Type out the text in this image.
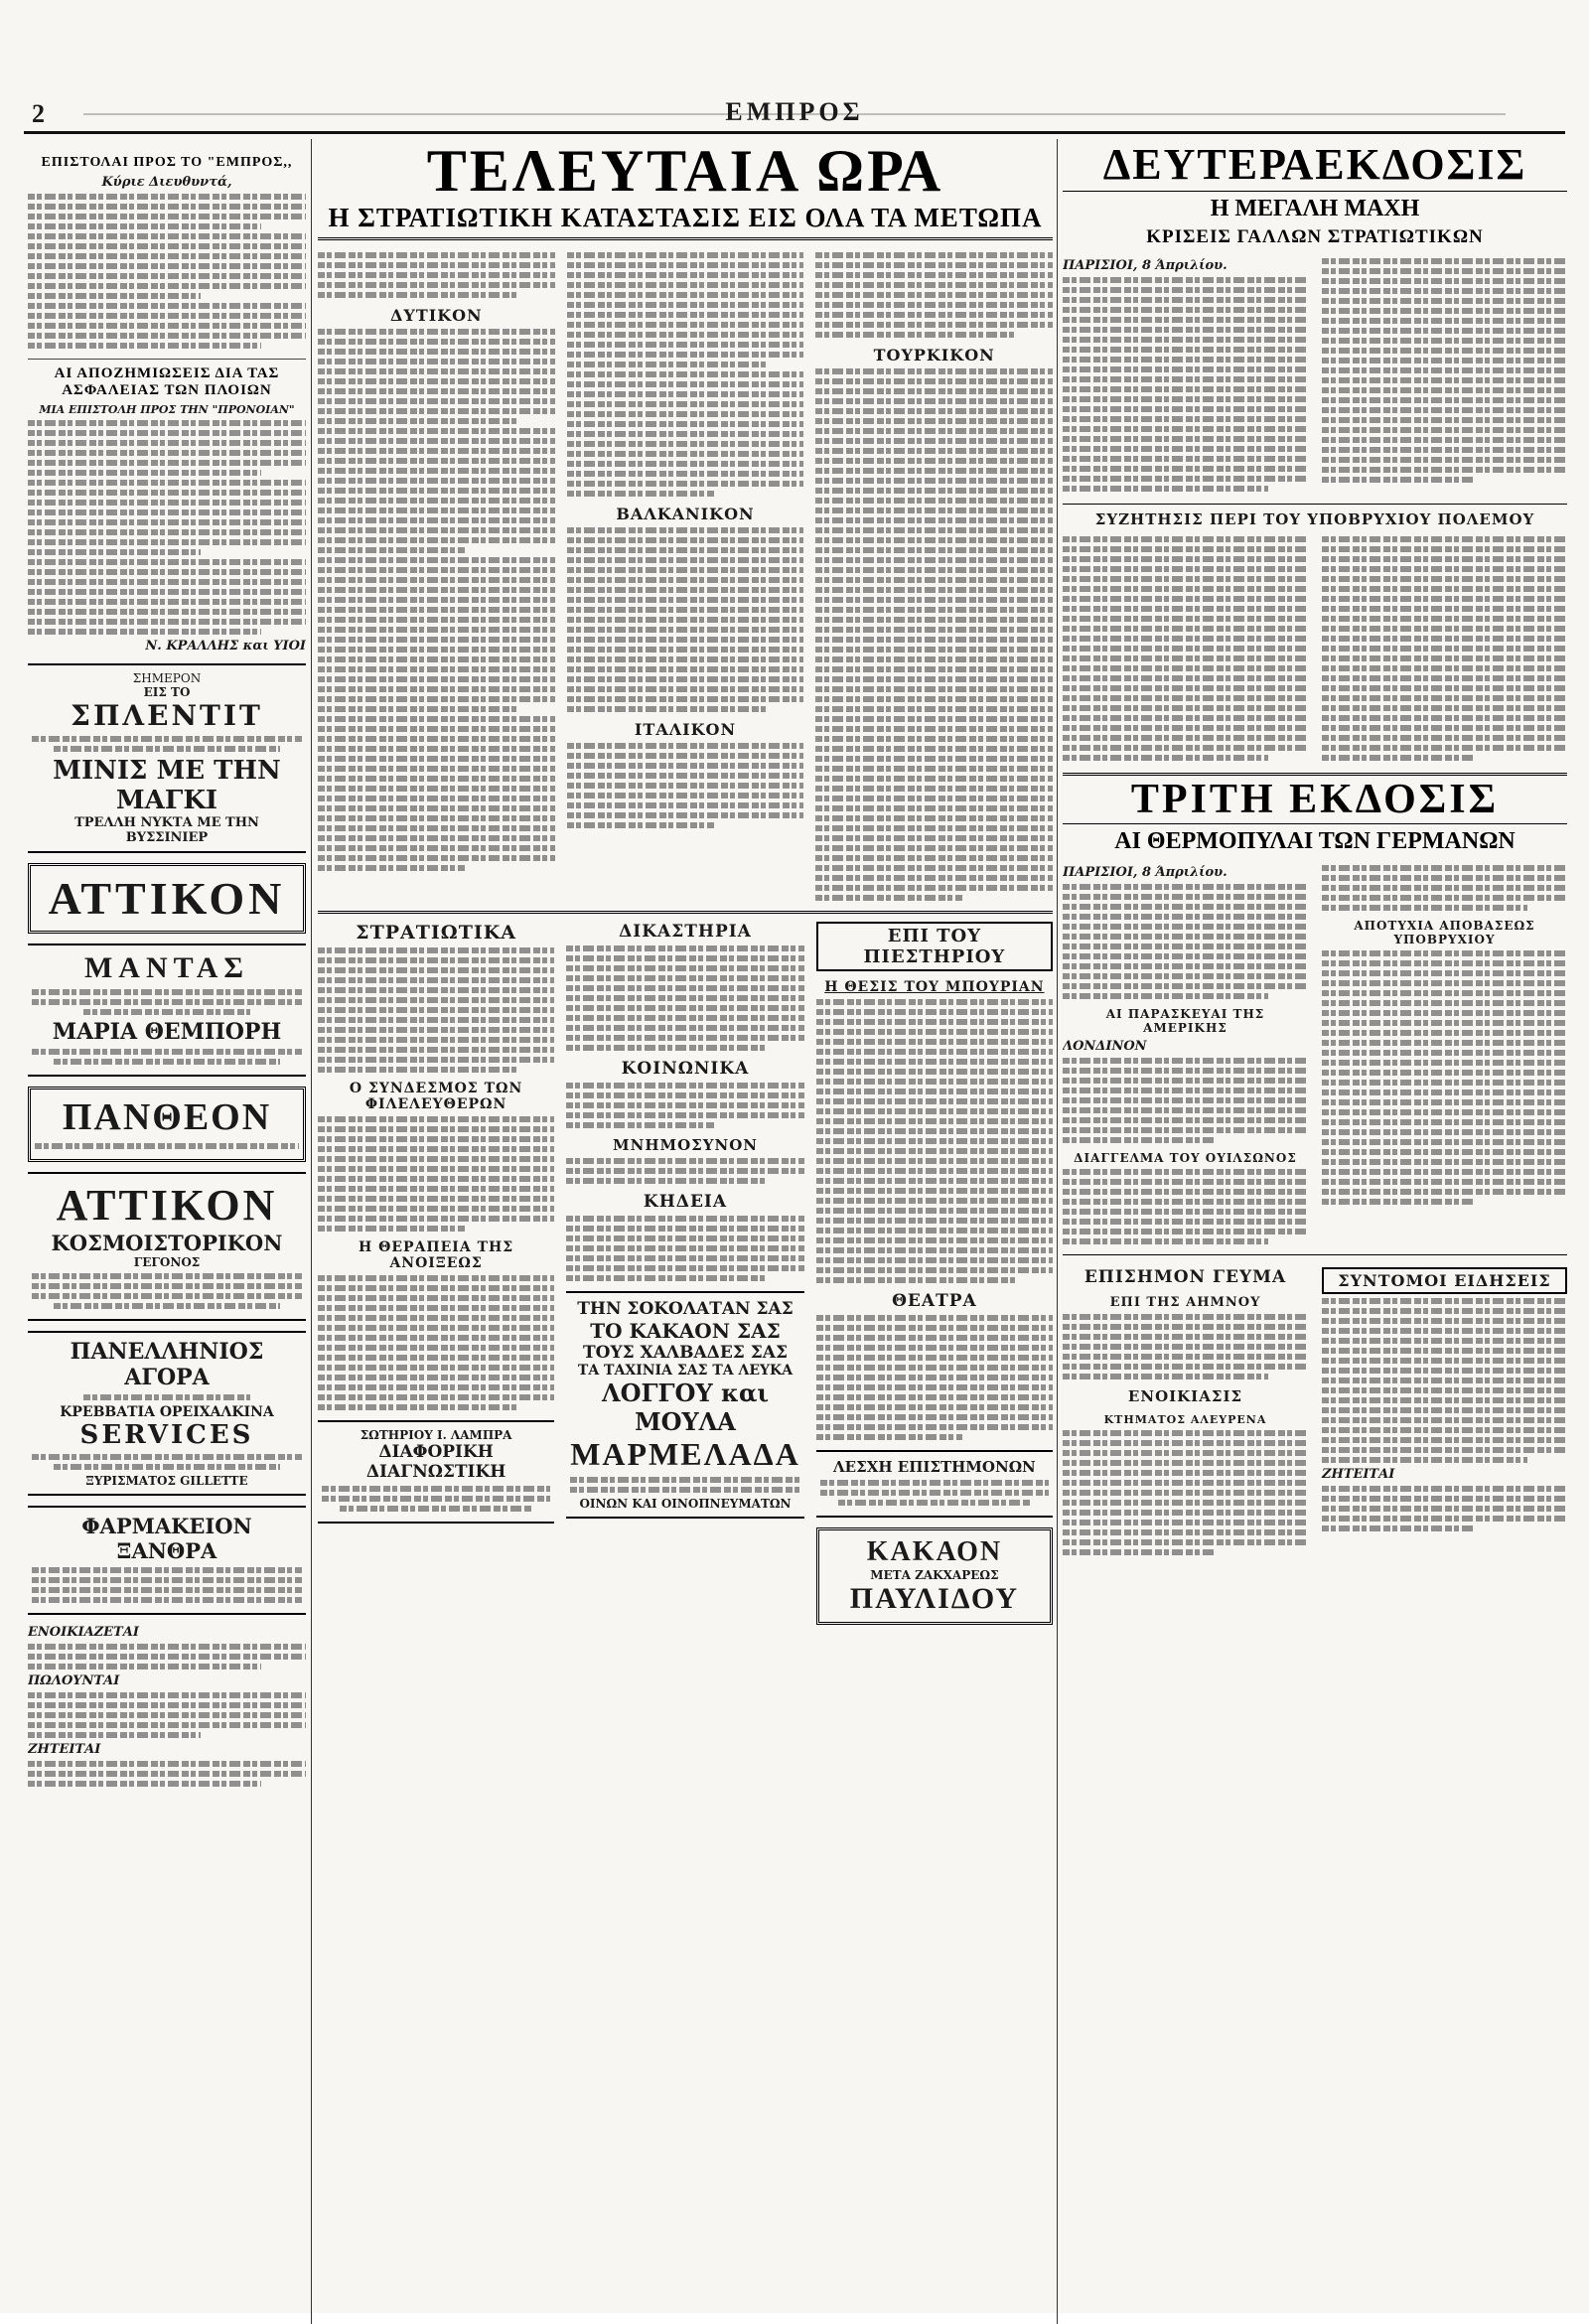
2	ΕΜΠΡΟΣ
ΕΠΙΣΤΟΛΑΙ ΠΡΟΣ ΤΟ "ΕΜΠΡΟΣ,,
Κύριε Διευθυντά,
ΑΙ ΑΠΟΖΗΜΙΩΣΕΙΣ ΔΙΑ ΤΑΣ ΑΣΦΑΛΕΙΑΣ ΤΩΝ ΠΛΟΙΩΝ
ΜΙΑ ΕΠΙΣΤΟΛΗ ΠΡΟΣ ΤΗΝ "ΠΡΟΝΟΙΑΝ"
Ν. ΚΡΑΛΛΗΣ και ΥΙΟΙ
ΣΗΜΕΡΟΝ
ΕΙΣ ΤΟ
ΣΠΛΕΝΤΙΤ
ΜΙΝΙΣ ΜΕ ΤΗΝ ΜΑΓΚΙ
ΤΡΕΛΛΗ ΝΥΚΤΑ ΜΕ ΤΗΝ ΒΥΣΣΙΝΙΕΡ
ΑΤΤΙΚΟΝ
ΜΑΝΤΑΣ
ΜΑΡΙΑ ΘΕΜΠΟΡΗ
ΠΑΝΘΕΟΝ
ΑΤΤΙΚΟΝ
ΚΟΣΜΟΙΣΤΟΡΙΚΟΝ
ΓΕΓΟΝΟΣ
ΠΑΝΕΛΛΗΝΙΟΣ ΑΓΟΡΑ
ΚΡΕΒΒΑΤΙΑ ΟΡΕΙΧΑΛΚΙΝΑ
SERVICES
ΞΥΡΙΣΜΑΤΟΣ GILLETTE
ΦΑΡΜΑΚΕΙΟΝ ΞΑΝΘΡΑ
ΕΝΟΙΚΙΑΖΕΤΑΙ
ΠΩΛΟΥΝΤΑΙ
ΖΗΤΕΙΤΑΙ
ΤΕΛΕΥΤΑΙΑ ΩΡΑ
Η ΣΤΡΑΤΙΩΤΙΚΗ ΚΑΤΑΣΤΑΣΙΣ ΕΙΣ ΟΛΑ ΤΑ ΜΕΤΩΠΑ
ΔΥΤΙΚΟΝ
ΒΑΛΚΑΝΙΚΟΝ
ΙΤΑΛΙΚΟΝ
ΤΟΥΡΚΙΚΟΝ
ΣΤΡΑΤΙΩΤΙΚΑ
Ο ΣΥΝΔΕΣΜΟΣ ΤΩΝ ΦΙΛΕΛΕΥΘΕΡΩΝ
Η ΘΕΡΑΠΕΙΑ ΤΗΣ ΑΝΟΙΞΕΩΣ
ΣΩΤΗΡΙΟΥ Ι. ΛΑΜΠΡΑ
ΔΙΑΦΟΡΙΚΗ ΔΙΑΓΝΩΣΤΙΚΗ
ΔΙΚΑΣΤΗΡΙΑ
ΚΟΙΝΩΝΙΚΑ
ΜΝΗΜΟΣΥΝΟΝ
ΚΗΔΕΙΑ
ΤΗΝ ΣΟΚΟΛΑΤΑΝ ΣΑΣ
ΤΟ ΚΑΚΑΟΝ ΣΑΣ
ΤΟΥΣ ΧΑΛΒΑΔΕΣ ΣΑΣ
ΤΑ ΤΑΧΙΝΙΑ ΣΑΣ ΤΑ ΛΕΥΚΑ
ΛΟΓΓΟΥ και ΜΟΥΛΑ
ΜΑΡΜΕΛΑΔΑ
ΟΙΝΩΝ ΚΑΙ ΟΙΝΟΠΝΕΥΜΑΤΩΝ
ΕΠΙ ΤΟΥ ΠΙΕΣΤΗΡΙΟΥ
Η ΘΕΣΙΣ ΤΟΥ ΜΠΟΥΡΙΑΝ
ΘΕΑΤΡΑ
ΛΕΣΧΗ ΕΠΙΣΤΗΜΟΝΩΝ
ΚΑΚΑΟΝ
ΜΕΤΑ ΖΑΚΧΑΡΕΩΣ
ΠΑΥΛΙΔΟΥ
ΔΕΥΤΕΡΑΕΚΔΟΣΙΣ
Η ΜΕΓΑΛΗ ΜΑΧΗ
ΚΡΙΣΕΙΣ ΓΑΛΛΩΝ ΣΤΡΑΤΙΩΤΙΚΩΝ
ΠΑΡΙΣΙΟΙ, 8 Άπριλίου.
ΣΥΖΗΤΗΣΙΣ ΠΕΡΙ ΤΟΥ ΥΠΟΒΡΥΧΙΟΥ ΠΟΛΕΜΟΥ
ΤΡΙΤΗ ΕΚΔΟΣΙΣ
ΑΙ ΘΕΡΜΟΠΥΛΑΙ ΤΩΝ ΓΕΡΜΑΝΩΝ
ΠΑΡΙΣΙΟΙ, 8 Άπριλίου.
ΑΙ ΠΑΡΑΣΚΕΥΑΙ ΤΗΣ ΑΜΕΡΙΚΗΣ
ΛΟΝΔΙΝΟΝ
ΔΙΑΓΓΕΛΜΑ ΤΟΥ ΟΥΙΛΣΩΝΟΣ
ΑΠΟΤΥΧΙΑ ΑΠΟΒΑΣΕΩΣ ΥΠΟΒΡΥΧΙΟΥ
ΕΠΙΣΗΜΟΝ ΓΕΥΜΑ
ΕΠΙ ΤΗΣ ΑΗΜΝΟΥ
ΕΝΟΙΚΙΑΣΙΣ
ΚΤΗΜΑΤΟΣ ΑΛΕΥΡΕΝΑ
ΣΥΝΤΟΜΟΙ ΕΙΔΗΣΕΙΣ
ΖΗΤΕΙΤΑΙ
